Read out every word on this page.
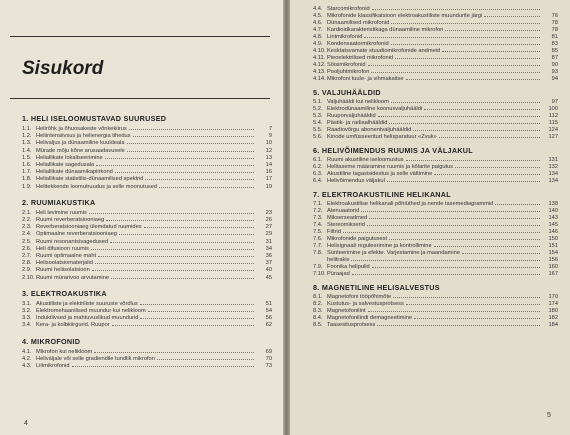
Sisukord
4
1. HELI ISELOOMUSTAVAD SUURUSED
1.1. Helirõhk ja õhuosakeste võnkekiirus	7
1.2. Heliintensiivsus ja helienergia tihedus	9
1.3. Helivaljus ja dünaamiline kuuldeala	10
1.4. Mürade mõju kõne arusaadavusele	12
1.5. Heliallikate lokaliseerimine	13
1.6. Heliallikate sagedusala	14
1.7. Heliallikate dünaamikapiirkond	16
1.8. Heliallikate statistilis-dünaamilised spektrid	17
1.9. Helitekkende loomutruudus ja selle moonutused	19
2. RUUMIAKUSTIKA
2.1. Heli levimine ruumis	23
2.2. Ruumi reverberatsiooniaeg	26
2.3. Reverberatsiooniaeg ülemdatud ruumides	27
2.4. Optimaalne reverberatsiooniaeg	29
2.5. Ruumi resonantsisagedused	31
2.6. Heli difusioon ruumis	34
2.7. Ruumi optimaalne maht	36
2.8. Helisoolatsiomaterjalid	37
2.9. Ruumi heliisolatsioon	40
2.10. Ruumi mürarivoo arvutamine	45
3. ELEKTROAKUSTIKA
3.1. Akustiliste ja elektriliste suuruste võrdlus	51
3.2. Elektromehaanilised muundur kui nelikloom	54
3.3. Induktiivsed ja mahtuvuslikud muundurid	56
3.4. Kera- ja kolbkiirgurid. Ruupor	62
4. MIKROFONID
4.1. Mikrofon kui nelikloom	69
4.2. Heliväljale või selle gradiendile tundlik mikrofon	70
4.3. Liitmikrofonid	73
5
4.4. Starcomikrofonid
4.5. Mikrofonide klassifikatsioon elektroakustiliste muundurite järgi	76
4.6. Dünaamilised mikrofonid	78
4.7. Kardioidkarakteristikaga dünaamiline mikrofon	78
4.8. Lintmikrofonid	81
4.9. Kondensaatormikrofonid	83
4.10. Kesktatsvamate stuudiomikrofonide andmeid	85
4.11. Pieoelektrilised mikrofonid	87
4.12. Söisimikrofonid	90
4.13. Pooljuhtmikrofon	93
4.14. Mikrofoni tuule- ja vihmakaitse	94
5. VALJUHÄÄLDID
5.1. Valjuhääldi kui nelikloom	97
5.2. Elektrodünaamiline koonusvaljuhääldi	100
5.3. Ruuporvaljuhääldid	112
5.4. Pästik- ja radiaalhääldid	115
5.5. Raadiovõrgu abonentvaljuhääldid	124
5.6. Kinode umfüsseeritud helisparatuur «Zvuk»	127
6. HELIVÕIMENDUS RUUMIS JA VÄLJAKUL
6.1. Ruumi akustiline iseloomustus	131
6.2. Helitaseme määramine ruumis ja kõlarite paigutus	132
6.3. Akustiline tagasisidestus ja selle vältimine	134
6.4. Helivõimendus väljakul	134
7. ELEKTROAKUSTILINE HELIKANAL
7.1. Elektroakustilise helikanali põhiüthed ja nende tasemediagrammid	138
7.2. Atenuaatorid	140
7.3. Mikserseadmed	143
7.4. Stereomikserid	145
7.5. Filtrid	146
7.6. Mikrofonide paigutusest	150
7.7. Helisignaali reguleerimine ja kontrollimine	151
7.8. Sünteerimine ja efekte. Varjestamine ja maandamine	154
helitrakis	156
7.9. Foonika helipulid	160
7.10. Püraajad	167
8. MAGNETILINE HELISALVESTUS
8.1. Magnetofoni tööpõhimõte	170
8.2. Kustutus- ja salvestusprotsess	174
8.3. Magnetofonilint	180
8.4. Magnetofonilindi demagneetimine	182
8.5. Taasesitusprotsess	184
